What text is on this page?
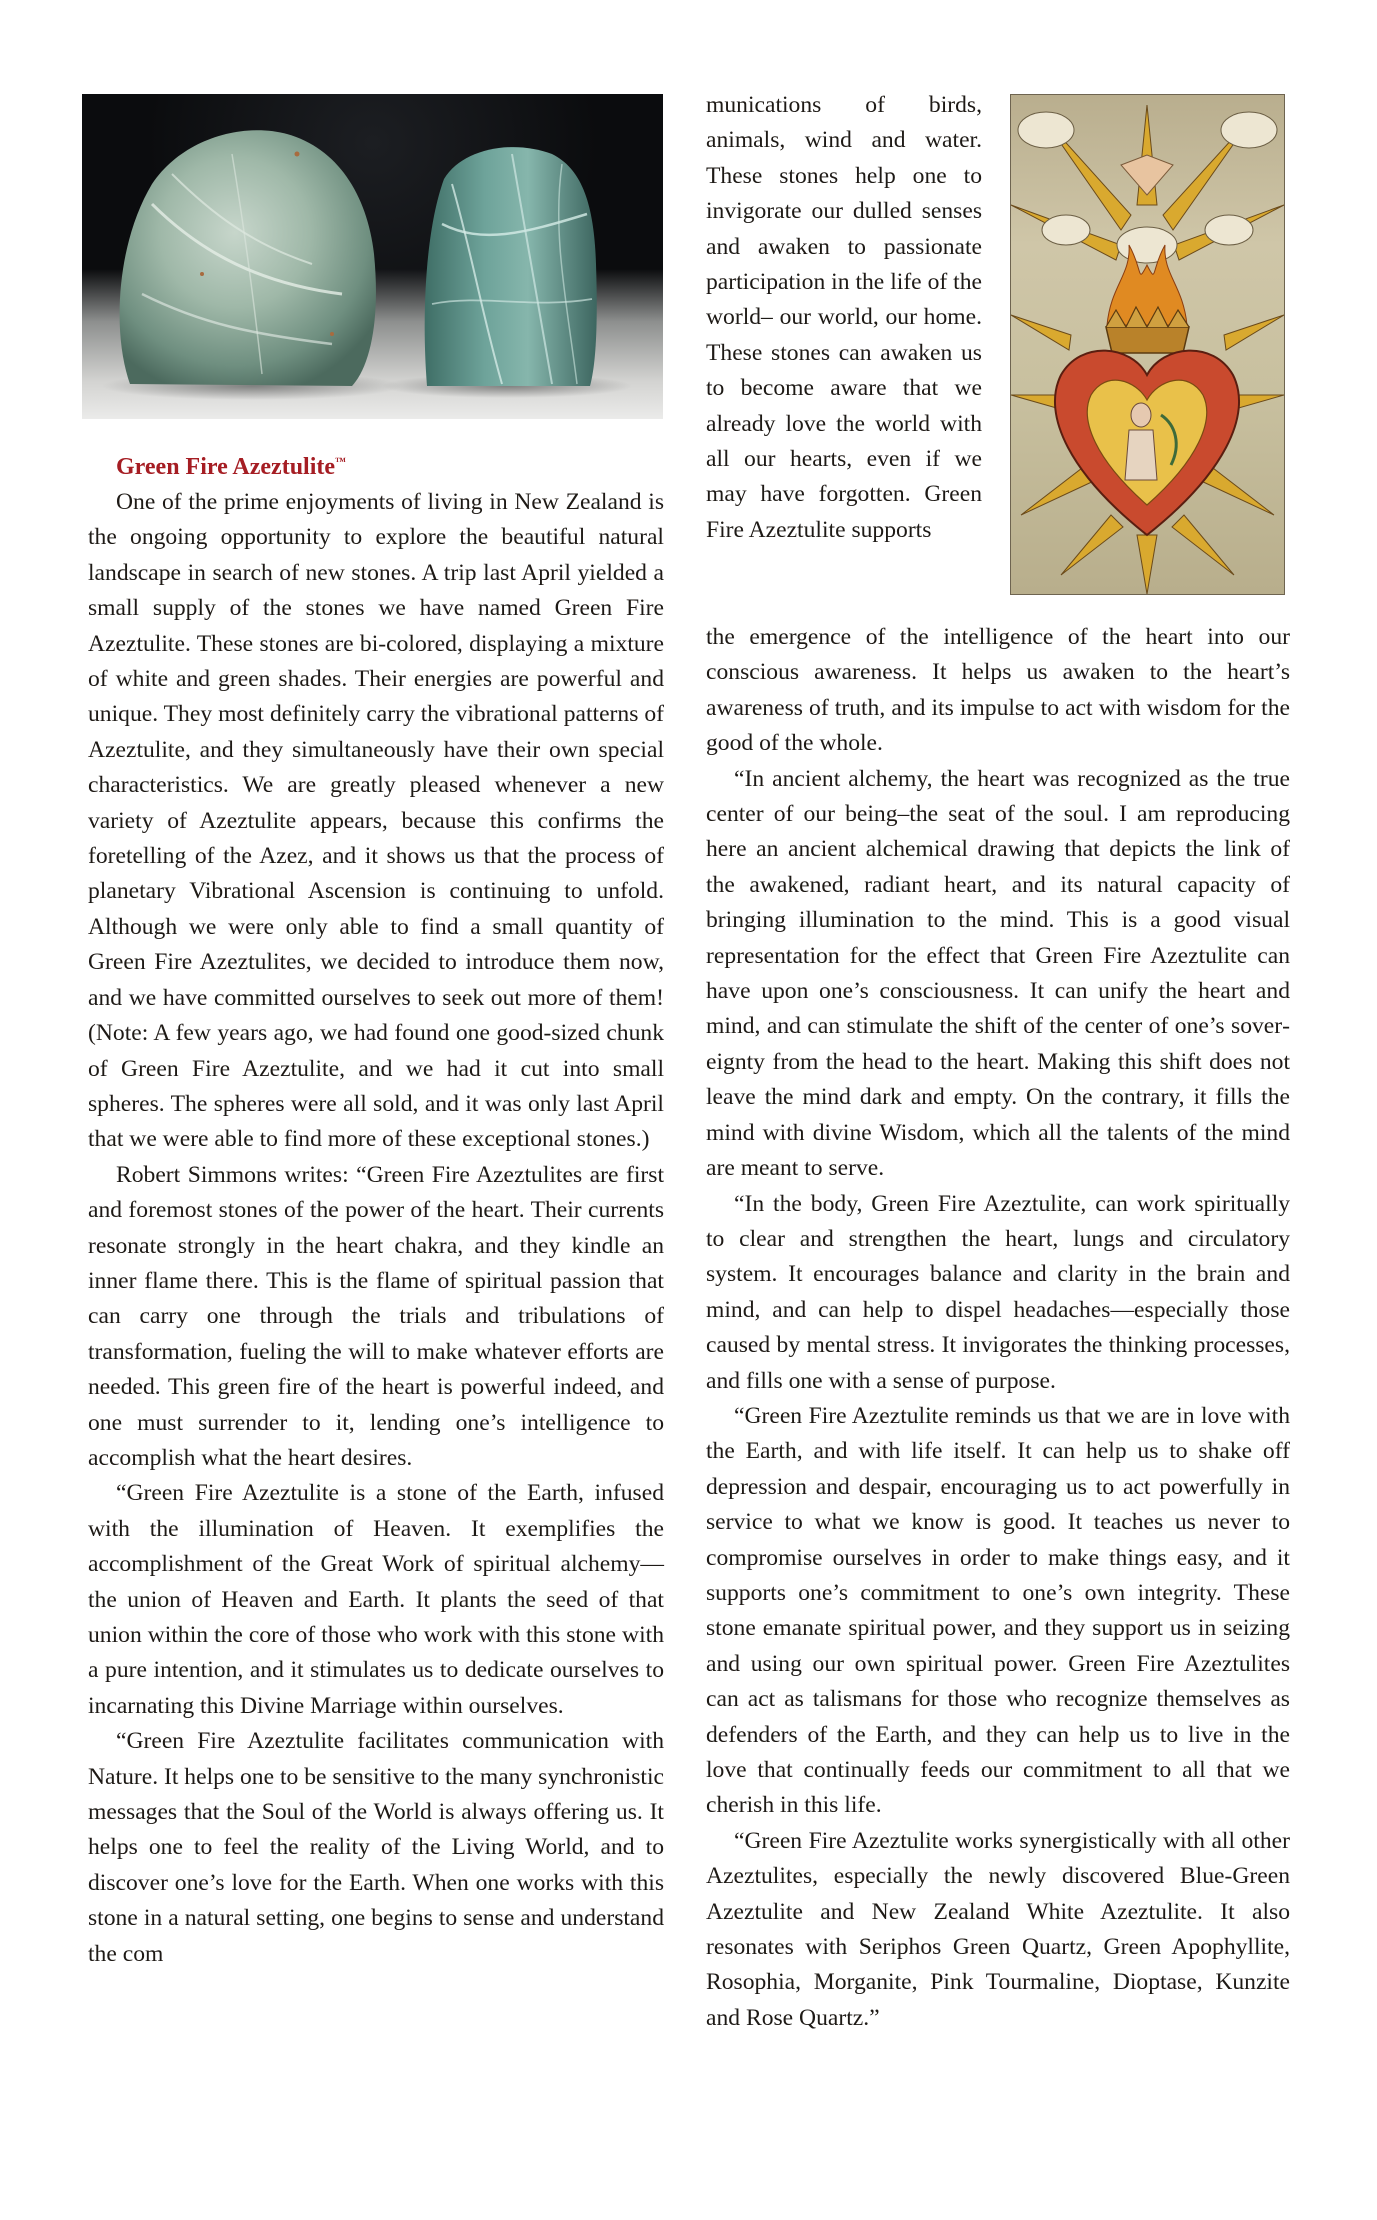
munications of birds, animals, wind and water. These stones help one to invigorate our dulled senses and awaken to passionate participation in the life of the world– our world, our home. These stones can awaken us to become aware that we already love the world with all our hearts, even if we may have forgotten. Green Fire Azeztulite supports

Green Fire Azeztulite™

One of the prime enjoyments of living in New Zealand is the ongoing opportunity to explore the beautiful natural landscape in search of new stones. A trip last April yielded a small supply of the stones we have named Green Fire Azeztulite. These stones are bi-colored, displaying a mixture of white and green shades. Their energies are powerful and unique. They most definitely carry the vibrational patterns of Azeztulite, and they simultaneously have their own special characteristics. We are greatly pleased whenever a new variety of Azeztulite appears, because this confirms the foretelling of the Azez, and it shows us that the process of planetary Vibrational Ascension is continuing to unfold. Although we were only able to find a small quantity of Green Fire Azeztulites, we decided to introduce them now, and we have committed ourselves to seek out more of them! (Note: A few years ago, we had found one good-sized chunk of Green Fire Azeztulite, and we had it cut into small spheres. The spheres were all sold, and it was only last April that we were able to find more of these exceptional stones.)

Robert Simmons writes: “Green Fire Azeztulites are first and foremost stones of the power of the heart. Their currents resonate strongly in the heart chakra, and they kindle an inner flame there. This is the flame of spiritual passion that can carry one through the trials and tribulations of transformation, fueling the will to make whatever efforts are needed. This green fire of the heart is powerful indeed, and one must surrender to it, lending one’s intelligence to accomplish what the heart desires.

“Green Fire Azeztulite is a stone of the Earth, infused with the illumination of Heaven. It exemplifies the accomplishment of the Great Work of spiritual alchemy—the union of Heaven and Earth. It plants the seed of that union within the core of those who work with this stone with a pure intention, and it stimulates us to dedicate ourselves to incarnating this Divine Marriage within ourselves.

“Green Fire Azeztulite facilitates communication with Nature. It helps one to be sensitive to the many synchronistic messages that the Soul of the World is always offering us. It helps one to feel the reality of the Living World, and to discover one’s love for the Earth. When one works with this stone in a natural setting, one begins to sense and understand the com

the emergence of the intelligence of the heart into our conscious awareness. It helps us awaken to the heart’s awareness of truth, and its impulse to act with wisdom for the good of the whole.

“In ancient alchemy, the heart was recognized as the true center of our being–the seat of the soul. I am reproducing here an ancient alchemical drawing that depicts the link of the awakened, radiant heart, and its natural capacity of bringing illumination to the mind. This is a good visual representation for the effect that Green Fire Azeztulite can have upon one’s consciousness. It can unify the heart and mind, and can stimulate the shift of the center of one’s sovereignty from the head to the heart. Making this shift does not leave the mind dark and empty. On the contrary, it fills the mind with divine Wisdom, which all the talents of the mind are meant to serve.

“In the body, Green Fire Azeztulite, can work spiritually to clear and strengthen the heart, lungs and circulatory system. It encourages balance and clarity in the brain and mind, and can help to dispel headaches—especially those caused by mental stress. It invigorates the thinking processes, and fills one with a sense of purpose.

“Green Fire Azeztulite reminds us that we are in love with the Earth, and with life itself. It can help us to shake off depression and despair, encouraging us to act powerfully in service to what we know is good. It teaches us never to compromise ourselves in order to make things easy, and it supports one’s commitment to one’s own integrity. These stone emanate spiritual power, and they support us in seizing and using our own spiritual power. Green Fire Azeztulites can act as talismans for those who recognize themselves as defenders of the Earth, and they can help us to live in the love that continually feeds our commitment to all that we cherish in this life.

“Green Fire Azeztulite works synergistically with all other Azeztulites, especially the newly discovered Blue-Green Azeztulite and New Zealand White Azeztulite. It also resonates with Seriphos Green Quartz, Green Apophyllite, Rosophia, Morganite, Pink Tourmaline, Dioptase, Kunzite and Rose Quartz.”
